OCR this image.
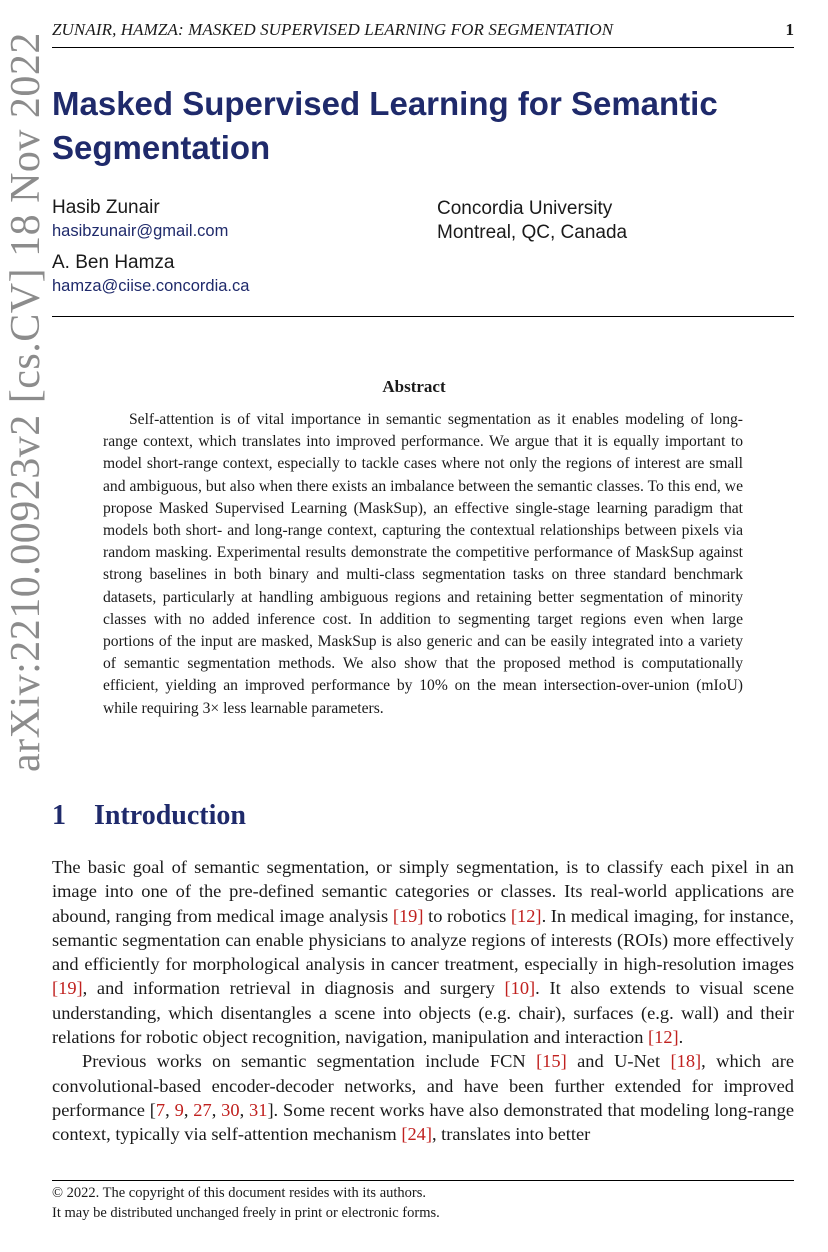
ZUNAIR, HAMZA: MASKED SUPERVISED LEARNING FOR SEGMENTATION	1
arXiv:2210.00923v2 [cs.CV] 18 Nov 2022 Masked Supervised Learning for Semantic Segmentation
Hasib Zunair
hasibzunair@gmail.com
A. Ben Hamza
hamza@ciise.concordia.ca
Concordia University
Montreal, QC, Canada
Abstract
Self-attention is of vital importance in semantic segmentation as it enables modeling of long-range context, which translates into improved performance. We argue that it is equally important to model short-range context, especially to tackle cases where not only the regions of interest are small and ambiguous, but also when there exists an imbalance between the semantic classes. To this end, we propose Masked Supervised Learning (MaskSup), an effective single-stage learning paradigm that models both short- and long-range context, capturing the contextual relationships between pixels via random masking. Experimental results demonstrate the competitive performance of MaskSup against strong baselines in both binary and multi-class segmentation tasks on three standard benchmark datasets, particularly at handling ambiguous regions and retaining better segmentation of minority classes with no added inference cost. In addition to segmenting target regions even when large portions of the input are masked, MaskSup is also generic and can be easily integrated into a variety of semantic segmentation methods. We also show that the proposed method is computationally efficient, yielding an improved performance by 10% on the mean intersection-over-union (mIoU) while requiring 3× less learnable parameters.
1 Introduction

The basic goal of semantic segmentation, or simply segmentation, is to classify each pixel in an image into one of the pre-defined semantic categories or classes. Its real-world applications are abound, ranging from medical image analysis [19] to robotics [12]. In medical imaging, for instance, semantic segmentation can enable physicians to analyze regions of interests (ROIs) more effectively and efficiently for morphological analysis in cancer treatment, especially in high-resolution images [19], and information retrieval in diagnosis and surgery [10]. It also extends to visual scene understanding, which disentangles a scene into objects (e.g. chair), surfaces (e.g. wall) and their relations for robotic object recognition, navigation, manipulation and interaction [12].

Previous works on semantic segmentation include FCN [15] and U-Net [18], which are convolutional-based encoder-decoder networks, and have been further extended for improved performance [7, 9, 27, 30, 31]. Some recent works have also demonstrated that modeling long-range context, typically via self-attention mechanism [24], translates into better

© 2022. The copyright of this document resides with its authors.
It may be distributed unchanged freely in print or electronic forms.
